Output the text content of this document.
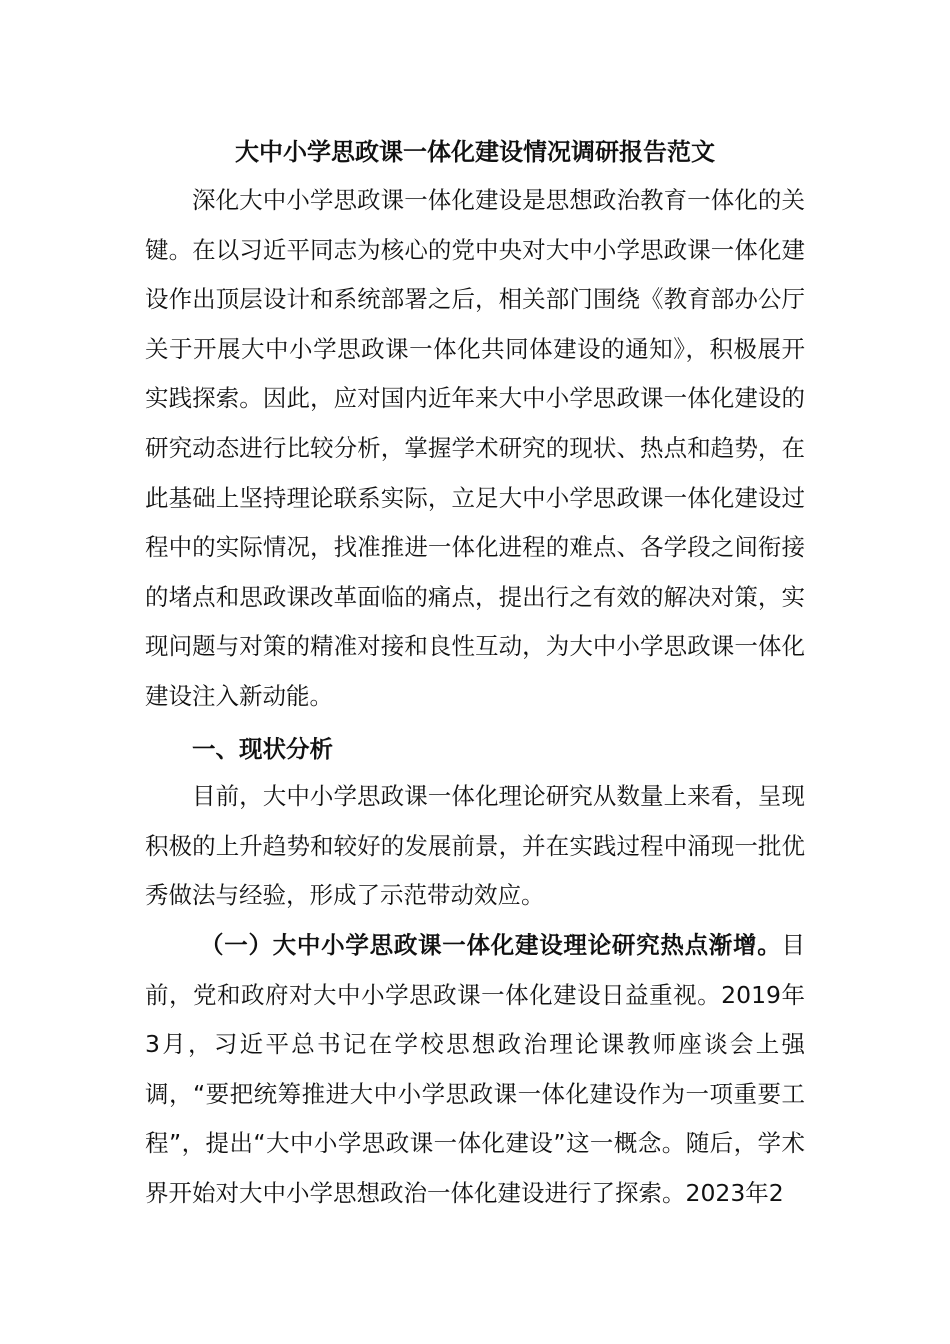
大中小学思政课一体化建设情况调研报告范文

深化大中小学思政课一体化建设是思想政治教育一体化的关键。在以习近平同志为核心的党中央对大中小学思政课一体化建设作出顶层设计和系统部署之后，相关部门围绕《教育部办公厅关于开展大中小学思政课一体化共同体建设的通知》，积极展开实践探索。因此，应对国内近年来大中小学思政课一体化建设的研究动态进行比较分析，掌握学术研究的现状、热点和趋势，在此基础上坚持理论联系实际，立足大中小学思政课一体化建设过程中的实际情况，找准推进一体化进程的难点、各学段之间衔接的堵点和思政课改革面临的痛点，提出行之有效的解决对策，实现问题与对策的精准对接和良性互动，为大中小学思政课一体化建设注入新动能。

一、现状分析

目前，大中小学思政课一体化理论研究从数量上来看，呈现积极的上升趋势和较好的发展前景，并在实践过程中涌现一批优秀做法与经验，形成了示范带动效应。

（一）大中小学思政课一体化建设理论研究热点渐增。目前，党和政府对大中小学思政课一体化建设日益重视。2019年3月，习近平总书记在学校思想政治理论课教师座谈会上强调，“要把统筹推进大中小学思政课一体化建设作为一项重要工程”，提出“大中小学思政课一体化建设”这一概念。随后，学术界开始对大中小学思想政治一体化建设进行了探索。2023年2
